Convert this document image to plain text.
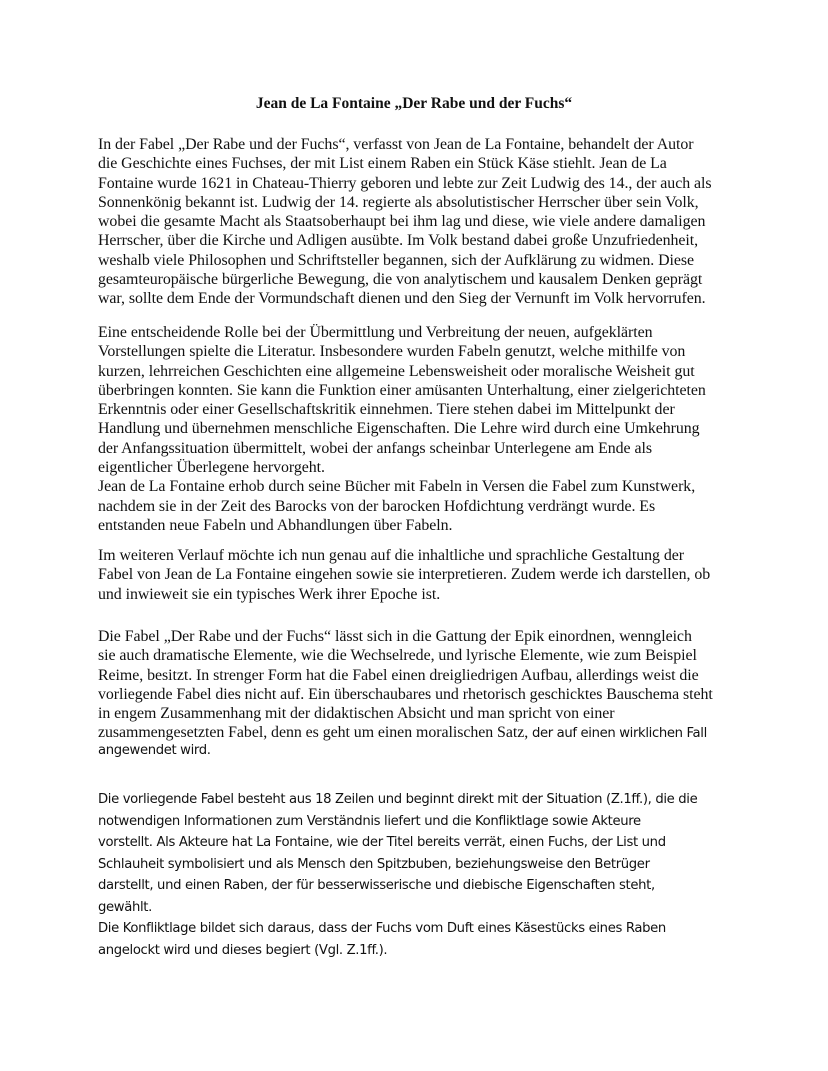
Jean de La Fontaine „Der Rabe und der Fuchs“

In der Fabel „Der Rabe und der Fuchs“, verfasst von Jean de La Fontaine, behandelt der Autor
die Geschichte eines Fuchses, der mit List einem Raben ein Stück Käse stiehlt. Jean de La
Fontaine wurde 1621 in Chateau-Thierry geboren und lebte zur Zeit Ludwig des 14., der auch als
Sonnenkönig bekannt ist. Ludwig der 14. regierte als absolutistischer Herrscher über sein Volk,
wobei die gesamte Macht als Staatsoberhaupt bei ihm lag und diese, wie viele andere damaligen
Herrscher, über die Kirche und Adligen ausübte. Im Volk bestand dabei große Unzufriedenheit,
weshalb viele Philosophen und Schriftsteller begannen, sich der Aufklärung zu widmen. Diese
gesamteuropäische bürgerliche Bewegung, die von analytischem und kausalem Denken geprägt
war, sollte dem Ende der Vormundschaft dienen und den Sieg der Vernunft im Volk hervorrufen.

Eine entscheidende Rolle bei der Übermittlung und Verbreitung der neuen, aufgeklärten
Vorstellungen spielte die Literatur. Insbesondere wurden Fabeln genutzt, welche mithilfe von
kurzen, lehrreichen Geschichten eine allgemeine Lebensweisheit oder moralische Weisheit gut
überbringen konnten. Sie kann die Funktion einer amüsanten Unterhaltung, einer zielgerichteten
Erkenntnis oder einer Gesellschaftskritik einnehmen. Tiere stehen dabei im Mittelpunkt der
Handlung und übernehmen menschliche Eigenschaften. Die Lehre wird durch eine Umkehrung
der Anfangssituation übermittelt, wobei der anfangs scheinbar Unterlegene am Ende als
eigentlicher Überlegene hervorgeht.
Jean de La Fontaine erhob durch seine Bücher mit Fabeln in Versen die Fabel zum Kunstwerk,
nachdem sie in der Zeit des Barocks von der barocken Hofdichtung verdrängt wurde. Es
entstanden neue Fabeln und Abhandlungen über Fabeln.

Im weiteren Verlauf möchte ich nun genau auf die inhaltliche und sprachliche Gestaltung der
Fabel von Jean de La Fontaine eingehen sowie sie interpretieren. Zudem werde ich darstellen, ob
und inwieweit sie ein typisches Werk ihrer Epoche ist.

Die Fabel „Der Rabe und der Fuchs“ lässt sich in die Gattung der Epik einordnen, wenngleich
sie auch dramatische Elemente, wie die Wechselrede, und lyrische Elemente, wie zum Beispiel
Reime, besitzt. In strenger Form hat die Fabel einen dreigliedrigen Aufbau, allerdings weist die
vorliegende Fabel dies nicht auf. Ein überschaubares und rhetorisch geschicktes Bauschema steht
in engem Zusammenhang mit der didaktischen Absicht und man spricht von einer
zusammengesetzten Fabel, denn es geht um einen moralischen Satz, der auf einen wirklichen Fall

angewendet wird.

Die vorliegende Fabel besteht aus 18 Zeilen und beginnt direkt mit der Situation (Z.1ff.), die die
notwendigen Informationen zum Verständnis liefert und die Konfliktlage sowie Akteure
vorstellt. Als Akteure hat La Fontaine, wie der Titel bereits verrät, einen Fuchs, der List und
Schlauheit symbolisiert und als Mensch den Spitzbuben, beziehungsweise den Betrüger
darstellt, und einen Raben, der für besserwisserische und diebische Eigenschaften steht,
gewählt.
Die Konfliktlage bildet sich daraus, dass der Fuchs vom Duft eines Käsestücks eines Raben
angelockt wird und dieses begiert (Vgl. Z.1ff.).
